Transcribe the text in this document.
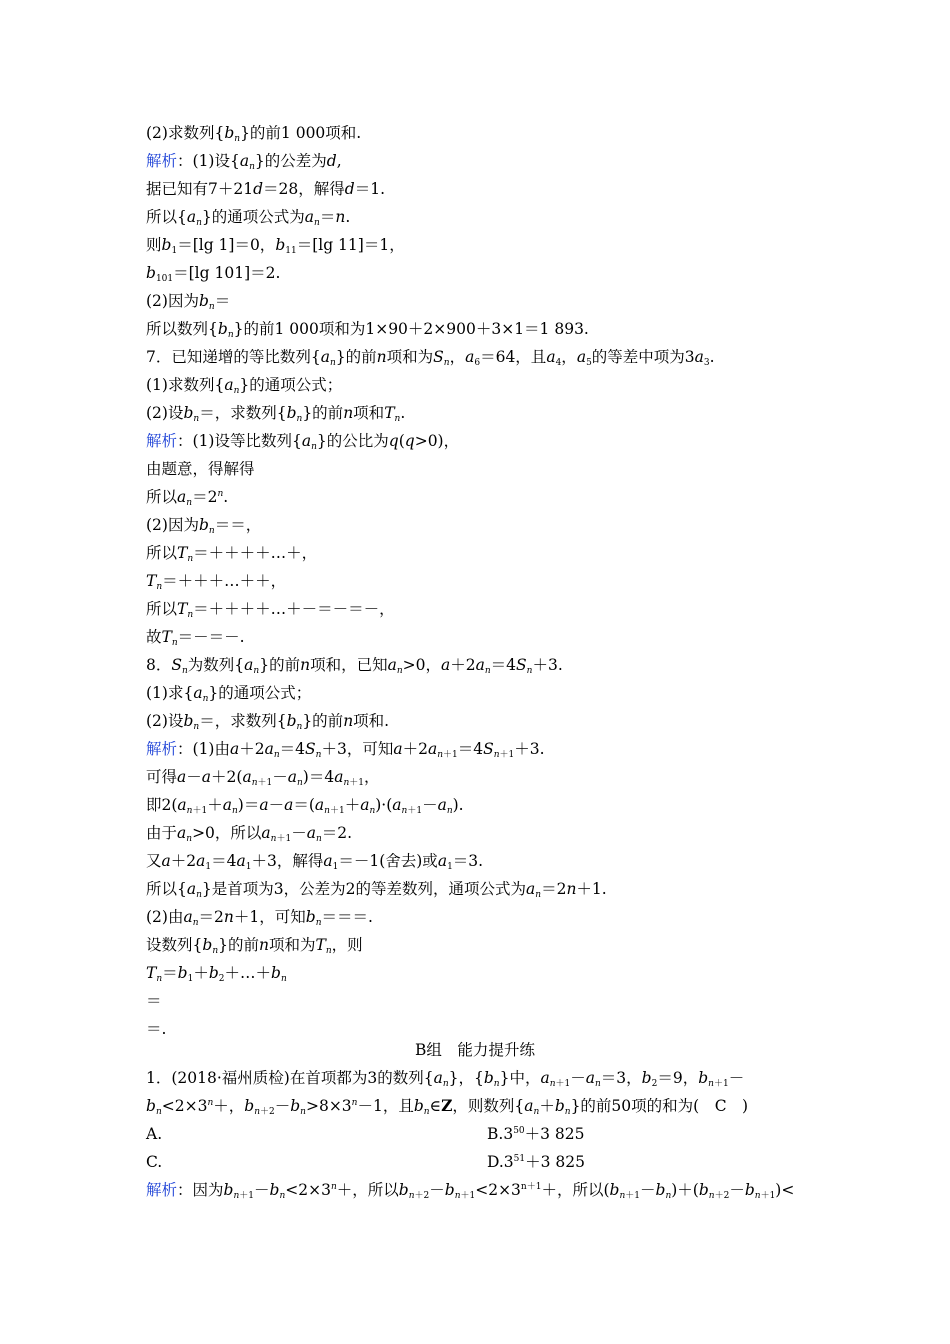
(2)求数列$\{b_n\}$的前1 000项和.
解析：(1)设$\{a_n\}$的公差为d,
据已知有7＋21d＝28，解得d＝1.
所以$\{a_n\}$的通项公式为$a_n=n$.
则$b_1=[\lg$ 1]＝0，$b_{11}=[\lg$ 11]＝1，
$b_{101}=[\lg$ 101]＝2.
(2)因为$b_n=$
所以数列$\{b_n\}$的前1 000项和为1×90＋2×900＋3×1＝1 893.
7．已知递增的等比数列$\{a_n\}$的前n项和为$S_n$，$a_6=64$，且$a_4$，$a_5$的等差中项为$3a_3$.
(1)求数列$\{a_n\}$的通项公式；
(2)设$b_n=$，求数列$\{b_n\}$的前n项和$T_n$.
解析：(1)设等比数列$\{a_n\}$的公比为q(q>0)，
由题意，得解得
所以$a_n=2^n$.
(2)因为$b_n==$，
所以$T_n=++++\dots+$，
$T_n=+++\dots++$，
所以$T_n=++++\dots+-=-=-$，
故$T_n=-=-$.
8．$S_n$为数列$\{a_n\}$的前n项和，已知$a_n>0$，$a+2a_n=4S_n+3$.
(1)求$\{a_n\}$的通项公式；
(2)设$b_n=$，求数列$\{b_n\}$的前n项和.
解析：(1)由$a+2a_n=4S_n+3$，可知$a+2a_{n+1}=4S_{n+1}+3$.
可得$a-a+2(a_{n+1}-a_n)=4a_{n+1}$，
即$2(a_{n+1}+a_n)=a-a=(a_{n+1}+a_n)\cdot(a_{n+1}-a_n)$.
由于$a_n>0$，所以$a_{n+1}-a_n=2$.
又$a+2a_1=4a_1+3$，解得$a_1=-1$(舍去)或$a_1=3$.
所以$\{a_n\}$是首项为3，公差为2的等差数列，通项公式为$a_n=2n+1$.
(2)由$a_n=2n+1$，可知$b_n===$.
设数列$\{b_n\}$的前n项和为$T_n$，则
$T_n=b_1+b_2+\dots+b_n$
＝
＝.
B组　能力提升练
1．(2018·福州质检)在首项都为3的数列$\{a_n\}$，$\{b_n\}$中，$a_{n+1}-a_n=3$，$b_2=9$，$b_{n+1}-$
$b_n<2\times 3^n+$，$b_{n+2}-b_n>8\times 3^n-1$，且$b_n\in Z$，则数列$\{a_n+b_n\}$的前50项的和为(　C　)
A.	$B.3^{50}+3$ 825
C.	$D.3^{51}+3$ 825
解析：因为$b_{n+1}-b_n<2\times 3^n+$，所以$b_{n+2}-b_{n+1}<2\times 3^{n+1}+$，所以$(b_{n+1}-b_n)+(b_{n+2}-b_{n+1})<$
